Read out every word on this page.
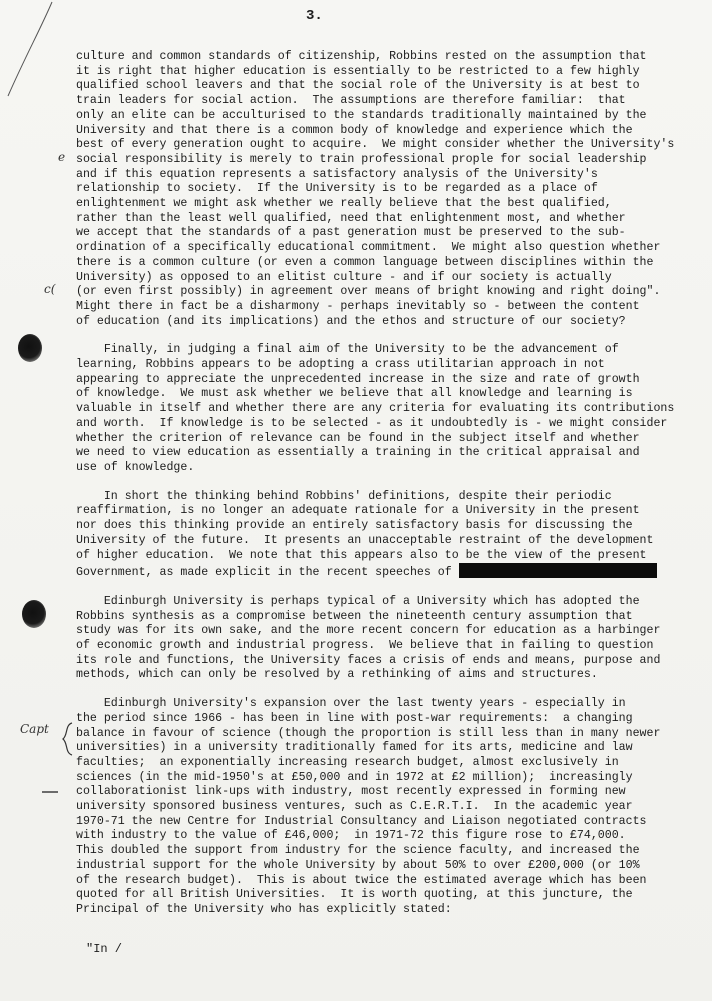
3.
culture and common standards of citizenship, Robbins rested on the assumption that
it is right that higher education is essentially to be restricted to a few highly
qualified school leavers and that the social role of the University is at best to
train leaders for social action.  The assumptions are therefore familiar:  that
only an elite can be acculturised to the standards traditionally maintained by the
University and that there is a common body of knowledge and experience which the
best of every generation ought to acquire.  We might consider whether the University's
social responsibility is merely to train professional prople for social leadership
and if this equation represents a satisfactory analysis of the University's
relationship to society.  If the University is to be regarded as a place of
enlightenment we might ask whether we really believe that the best qualified,
rather than the least well qualified, need that enlightenment most, and whether
we accept that the standards of a past generation must be preserved to the sub-
ordination of a specifically educational commitment.  We might also question whether
there is a common culture (or even a common language between disciplines within the
University) as opposed to an elitist culture - and if our society is actually
(or even first possibly) in agreement over means of bright knowing and right doing".
Might there in fact be a disharmony - perhaps inevitably so - between the content
of education (and its implications) and the ethos and structure of our society?
Finally, in judging a final aim of the University to be the advancement of
learning, Robbins appears to be adopting a crass utilitarian approach in not
appearing to appreciate the unprecedented increase in the size and rate of growth
of knowledge.  We must ask whether we believe that all knowledge and learning is
valuable in itself and whether there are any criteria for evaluating its contributions
and worth.  If knowledge is to be selected - as it undoubtedly is - we might consider
whether the criterion of relevance can be found in the subject itself and whether
we need to view education as essentially a training in the critical appraisal and
use of knowledge.
In short the thinking behind Robbins' definitions, despite their periodic
reaffirmation, is no longer an adequate rationale for a University in the present
nor does this thinking provide an entirely satisfactory basis for discussing the
University of the future.  It presents an unacceptable restraint of the development
of higher education.  We note that this appears also to be the view of the present
Government, as made explicit in the recent speeches of
Edinburgh University is perhaps typical of a University which has adopted the
Robbins synthesis as a compromise between the nineteenth century assumption that
study was for its own sake, and the more recent concern for education as a harbinger
of economic growth and industrial progress.  We believe that in failing to question
its role and functions, the University faces a crisis of ends and means, purpose and
methods, which can only be resolved by a rethinking of aims and structures.
Edinburgh University's expansion over the last twenty years - especially in
the period since 1966 - has been in line with post-war requirements:  a changing
balance in favour of science (though the proportion is still less than in many newer
universities) in a university traditionally famed for its arts, medicine and law
faculties;  an exponentially increasing research budget, almost exclusively in
sciences (in the mid-1950's at £50,000 and in 1972 at £2 million);  increasingly
collaborationist link-ups with industry, most recently expressed in forming new
university sponsored business ventures, such as C.E.R.T.I.  In the academic year
1970-71 the new Centre for Industrial Consultancy and Liaison negotiated contracts
with industry to the value of £46,000;  in 1971-72 this figure rose to £74,000.
This doubled the support from industry for the science faculty, and increased the
industrial support for the whole University by about 50% to over £200,000 (or 10%
of the research budget).  This is about twice the estimated average which has been
quoted for all British Universities.  It is worth quoting, at this juncture, the
Principal of the University who has explicitly stated:
"In /
e
c(
Capt
